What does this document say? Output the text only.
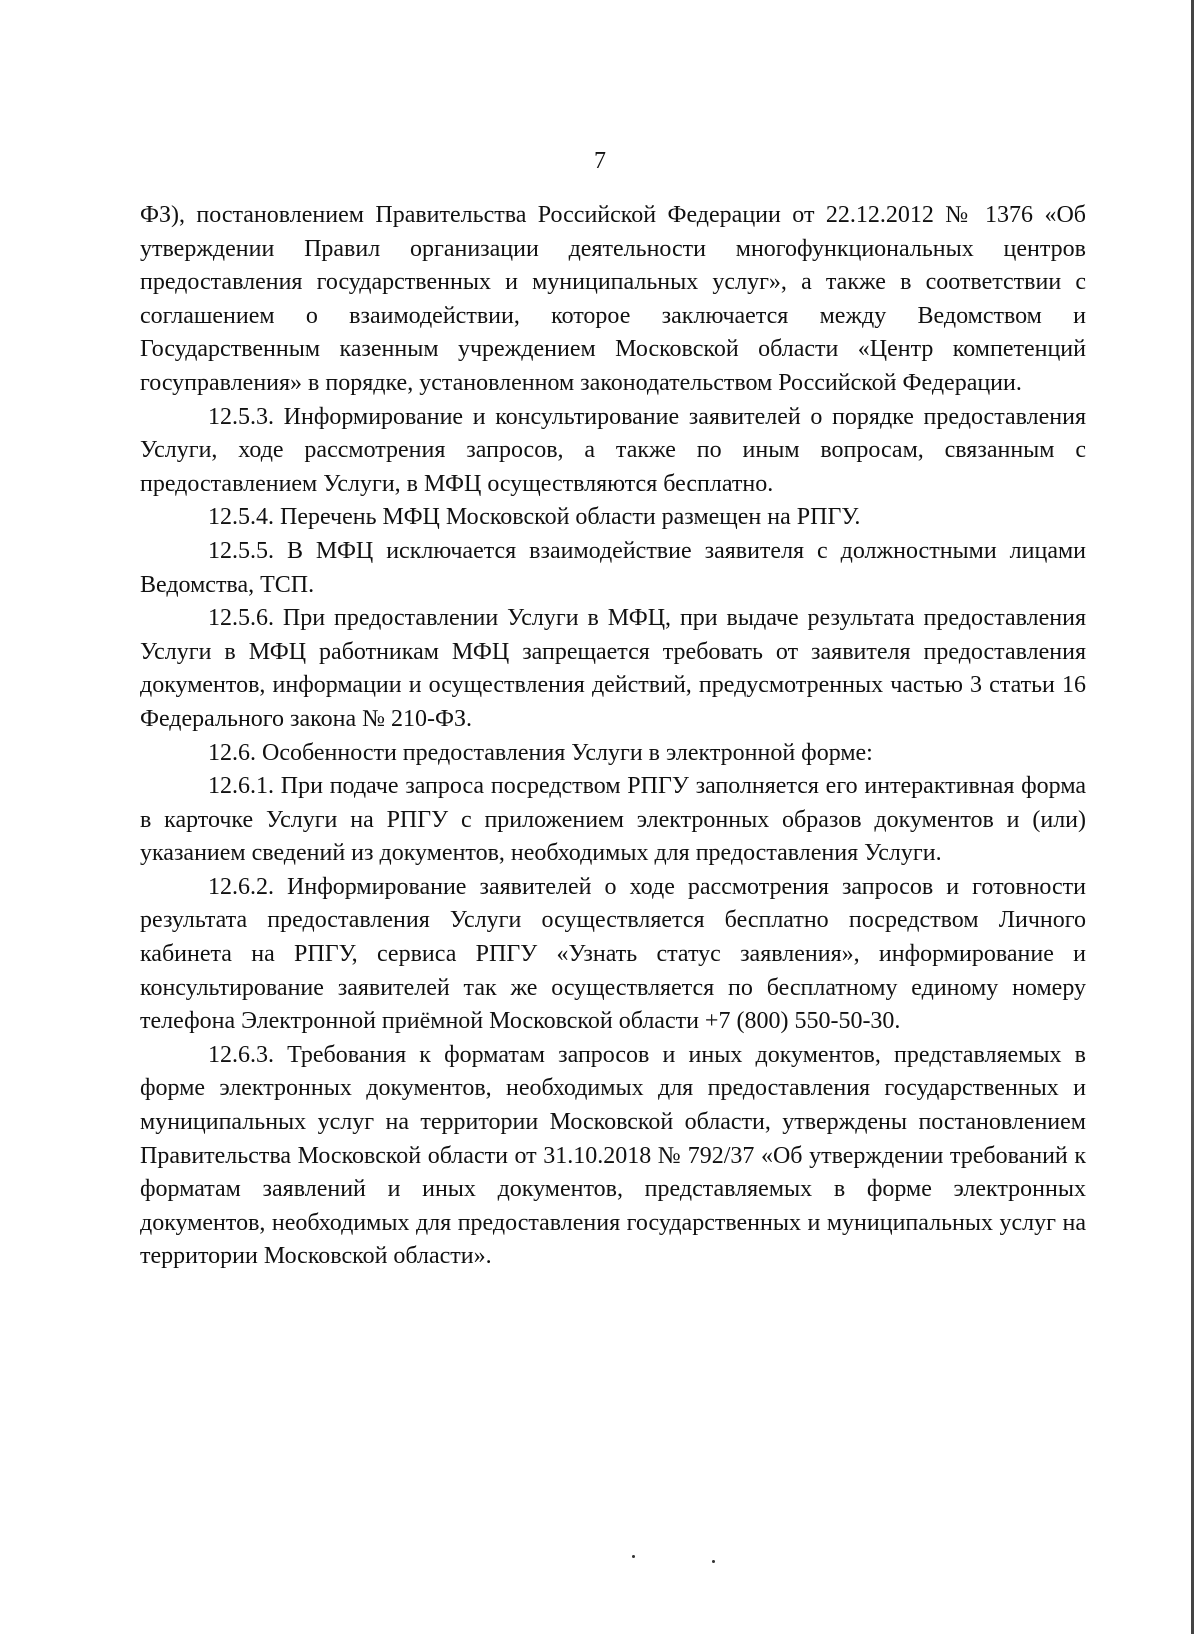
7

ФЗ), постановлением Правительства Российской Федерации от 22.12.2012 № 1376 «Об утверждении Правил организации деятельности многофункциональных центров предоставления государственных и муниципальных услуг», а также в соответствии с соглашением о взаимодействии, которое заключается между Ведомством и Государственным казенным учреждением Московской области «Центр компетенций госуправления» в порядке, установленном законодательством Российской Федерации.

12.5.3. Информирование и консультирование заявителей о порядке предоставления Услуги, ходе рассмотрения запросов, а также по иным вопросам, связанным с предоставлением Услуги, в МФЦ осуществляются бесплатно.

12.5.4. Перечень МФЦ Московской области размещен на РПГУ.

12.5.5. В МФЦ исключается взаимодействие заявителя с должностными лицами Ведомства, ТСП.

12.5.6. При предоставлении Услуги в МФЦ, при выдаче результата предоставления Услуги в МФЦ работникам МФЦ запрещается требовать от заявителя предоставления документов, информации и осуществления действий, предусмотренных частью 3 статьи 16 Федерального закона № 210-ФЗ.

12.6. Особенности предоставления Услуги в электронной форме:

12.6.1. При подаче запроса посредством РПГУ заполняется его интерактивная форма в карточке Услуги на РПГУ с приложением электронных образов документов и (или) указанием сведений из документов, необходимых для предоставления Услуги.

12.6.2. Информирование заявителей о ходе рассмотрения запросов и готовности результата предоставления Услуги осуществляется бесплатно посредством Личного кабинета на РПГУ, сервиса РПГУ «Узнать статус заявления», информирование и консультирование заявителей так же осуществляется по бесплатному единому номеру телефона Электронной приёмной Московской области +7 (800) 550-50-30.

12.6.3. Требования к форматам запросов и иных документов, представляемых в форме электронных документов, необходимых для предоставления государственных и муниципальных услуг на территории Московской области, утверждены постановлением Правительства Московской области от 31.10.2018 № 792/37 «Об утверждении требований к форматам заявлений и иных документов, представляемых в форме электронных документов, необходимых для предоставления государственных и муниципальных услуг на территории Московской области».
